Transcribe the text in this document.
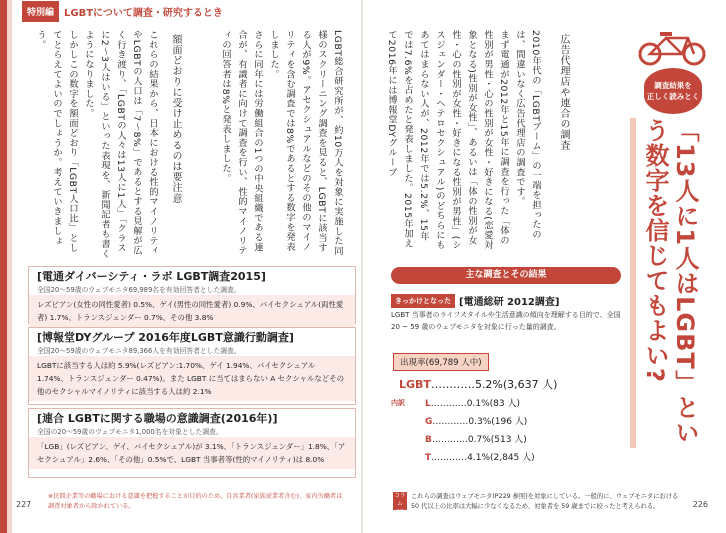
特別編	LGBTについて調査・研究するとき

LGBT総合研究所が、約10万人を対象に実施した同様のスクリーニング調査を見ると、LGBTに該当する人が9%。アセクシュアルなどのその他のマイノリティを含む調査では8%であるとする数字を発表しました。

さらに同年には労働組合の1つの中央組織である連合が、有識者に向けて調査を行い、性的マイノリティの回答者は8%と発表しました。

額面どおりに受け止めるのは要注意

これらの結果から、日本における性的マイノリティやLGBTの人口は「7〜8%」であるとする見解が広く行き渡り、「LGBTの人々は13人に1人」「クラスに2〜3人はいる」といった表現を、新聞記者も書くようになりました。

しかしこの数字を額面どおり「LGBT人口比」としてとらえてよいのでしょうか。考えていきましょう。

[電通ダイバーシティ・ラボ LGBT調査2015]
全国20〜59歳のウェブモニタ69,989名を有効回答者とした調査。
レズビアン(女性の同性愛者) 0.5%、ゲイ(男性の同性愛者) 0.9%、バイセクシュアル(両性愛者) 1.7%、トランスジェンダー 0.7%、その他 3.8%
[博報堂DYグループ 2016年度LGBT意識行動調査]
全国20〜59歳のウェブモニタ89,366人を有効回答者とした調査。
LGBTに該当する人は約 5.9%(レズビアン:1.70%、ゲイ 1.94%、バイセクシュアル 1.74%、トランスジェンダー 0.47%)。また LGBT に当てはまらない A セクシャルなどその他のセクシャルマイノリティに該当する人は約 2.1%
[連合 LGBTに関する職場の意識調査(2016年)]
全国の20〜59歳のウェブモニタ1,000名を対象とした調査。
「LGB」(レズビアン、ゲイ、バイセクシュアル)が 3.1%、「トランスジェンダー」1.8%、「アセクシュアル」2.6%、「その他」0.5%で、LGBT 当事者等(性的マイノリティ)は 8.0%
※民間企業等の職場における意識を把握することが目的のため、自営業者(家族従業者含む)、家内労働者は調査対象者から除かれている。
227

2010年代の「LGBTブーム」の一端を担ったのは、間違いなく広告代理店の調査です。

まず電通が2012年と15年に調査を行った「体の性別が男性・心の性別が女性・好きになる(恋愛対象となる)性別が女性」、あるいは「体の性別が女性・心の性別が女性・好きになる性別が男性」(シスジェンダー・ヘテロセクシュアル)のどちらにもあてはまらない人が、2012年では5.2%、15年では7.6%を占めたと発表しました。2015年加えて2016年には博報堂DYグループ	広告代理店や連合の調査	調査結果を
正しく読みとく
「13人に1人はLGBT」という数字を信じてもよい?
主な調査とその結果
きっかけとなった [電通総研 2012調査]
LGBT 当事者のライフスタイルや生活意識の傾向を理解する目的で、全国 20 ~ 59 歳のウェブモニタを対象に行った量的調査。
出現率(69,789 人中)
LGBT…………5.2%(3,637 人)
内訳 L…………0.1%(83 人)
G…………0.3%(196 人)
B…………0.7%(513 人)
T…………4.1%(2,845 人)
コラム 12
これらの調査はウェブモニタ(P229 参照)を対象にしている。一般的に、ウェブモニタにおける 50 代以上の比率は大幅に少なくなるため、対象者を 59 歳までに絞ったと考えられる。	226
